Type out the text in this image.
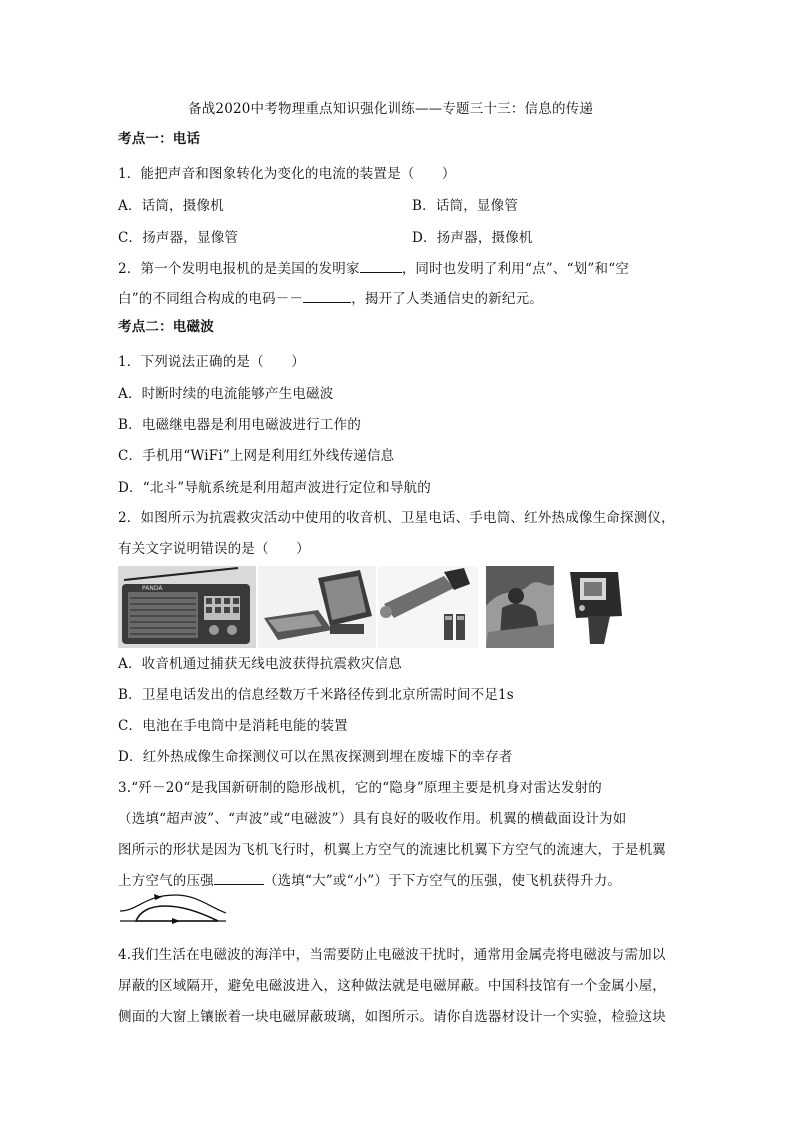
备战2020中考物理重点知识强化训练——专题三十三：信息的传递
考点一：电话
1．能把声音和图象转化为变化的电流的装置是（　　）
A．话筒，摄像机	B．话筒，显像管
C．扬声器，显像管	D．扬声器，摄像机
2．第一个发明电报机的是美国的发明家	，同时也发明了利用“点”、“划”和“空
白”的不同组合构成的电码－－	，揭开了人类通信史的新纪元。
考点二：电磁波
1．下列说法正确的是（　　）
A．时断时续的电流能够产生电磁波
B．电磁继电器是利用电磁波进行工作的
C．手机用“WiFi”上网是利用红外线传递信息
D．“北斗”导航系统是利用超声波进行定位和导航的
2．如图所示为抗震救灾活动中使用的收音机、卫星电话、手电筒、红外热成像生命探测仪，
有关文字说明错误的是（　　）
PANDA
A．收音机通过捕获无线电波获得抗震救灾信息
B．卫星电话发出的信息经数万千米路径传到北京所需时间不足1s
C．电池在手电筒中是消耗电能的装置
D．红外热成像生命探测仪可以在黑夜探测到埋在废墟下的幸存者
3.“歼－20“是我国新研制的隐形战机，它的“隐身”原理主要是机身对雷达发射的
（选填“超声波”、“声波”或“电磁波”）具有良好的吸收作用。机翼的横截面设计为如
图所示的形状是因为飞机飞行时，机翼上方空气的流速比机翼下方空气的流速大，于是机翼
上方空气的压强	（选填“大”或“小”）于下方空气的压强，使飞机获得升力。
4.我们生活在电磁波的海洋中，当需要防止电磁波干扰时，通常用金属壳将电磁波与需加以
屏蔽的区域隔开，避免电磁波进入，这种做法就是电磁屏蔽。中国科技馆有一个金属小屋，
侧面的大窗上镶嵌着一块电磁屏蔽玻璃，如图所示。请你自选器材设计一个实验，检验这块
